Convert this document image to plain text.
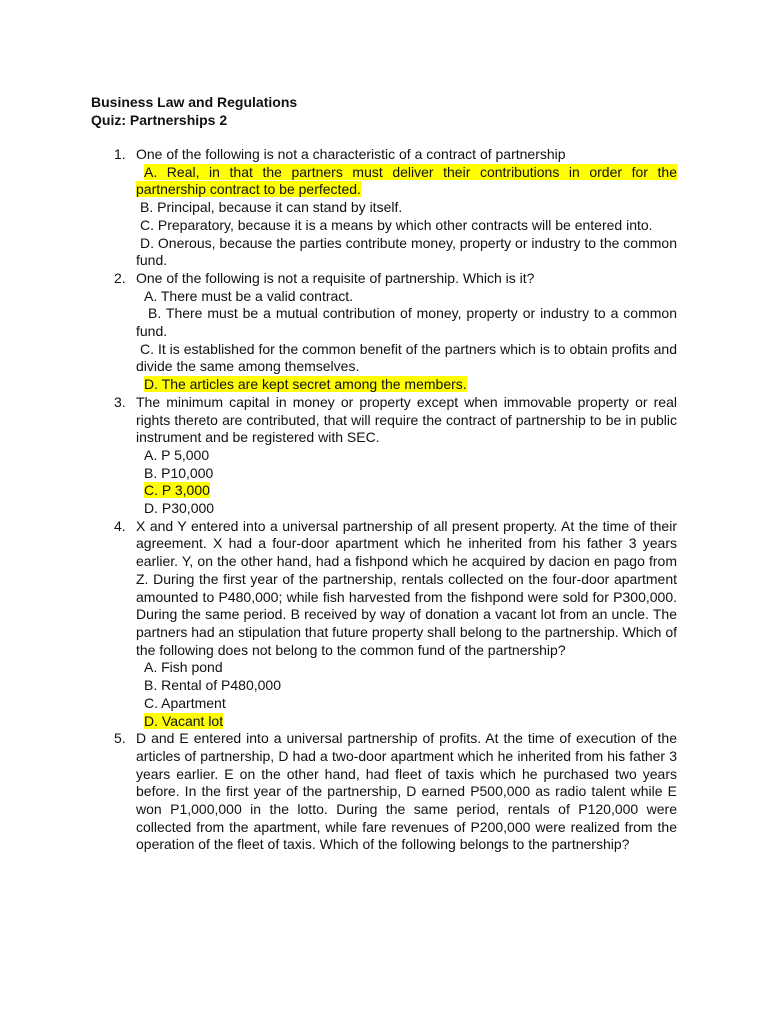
Business Law and Regulations
Quiz: Partnerships 2
1. One of the following is not a characteristic of a contract of partnership
A. Real, in that the partners must deliver their contributions in order for the partnership contract to be perfected.
B. Principal, because it can stand by itself.
C. Preparatory, because it is a means by which other contracts will be entered into.
D. Onerous, because the parties contribute money, property or industry to the common fund.
2. One of the following is not a requisite of partnership. Which is it?
A. There must be a valid contract.
B. There must be a mutual contribution of money, property or industry to a common fund.
C. It is established for the common benefit of the partners which is to obtain profits and divide the same among themselves.
D. The articles are kept secret among the members.
3. The minimum capital in money or property except when immovable property or real rights thereto are contributed, that will require the contract of partnership to be in public instrument and be registered with SEC.
A. P 5,000
B. P10,000
C. P 3,000
D. P30,000
4. X and Y entered into a universal partnership of all present property. At the time of their agreement. X had a four-door apartment which he inherited from his father 3 years earlier. Y, on the other hand, had a fishpond which he acquired by dacion en pago from Z. During the first year of the partnership, rentals collected on the four-door apartment amounted to P480,000; while fish harvested from the fishpond were sold for P300,000. During the same period. B received by way of donation a vacant lot from an uncle. The partners had an stipulation that future property shall belong to the partnership. Which of the following does not belong to the common fund of the partnership?
A. Fish pond
B. Rental of P480,000
C. Apartment
D. Vacant lot
5. D and E entered into a universal partnership of profits. At the time of execution of the articles of partnership, D had a two-door apartment which he inherited from his father 3 years earlier. E on the other hand, had fleet of taxis which he purchased two years before. In the first year of the partnership, D earned P500,000 as radio talent while E won P1,000,000 in the lotto. During the same period, rentals of P120,000 were collected from the apartment, while fare revenues of P200,000 were realized from the operation of the fleet of taxis. Which of the following belongs to the partnership?
